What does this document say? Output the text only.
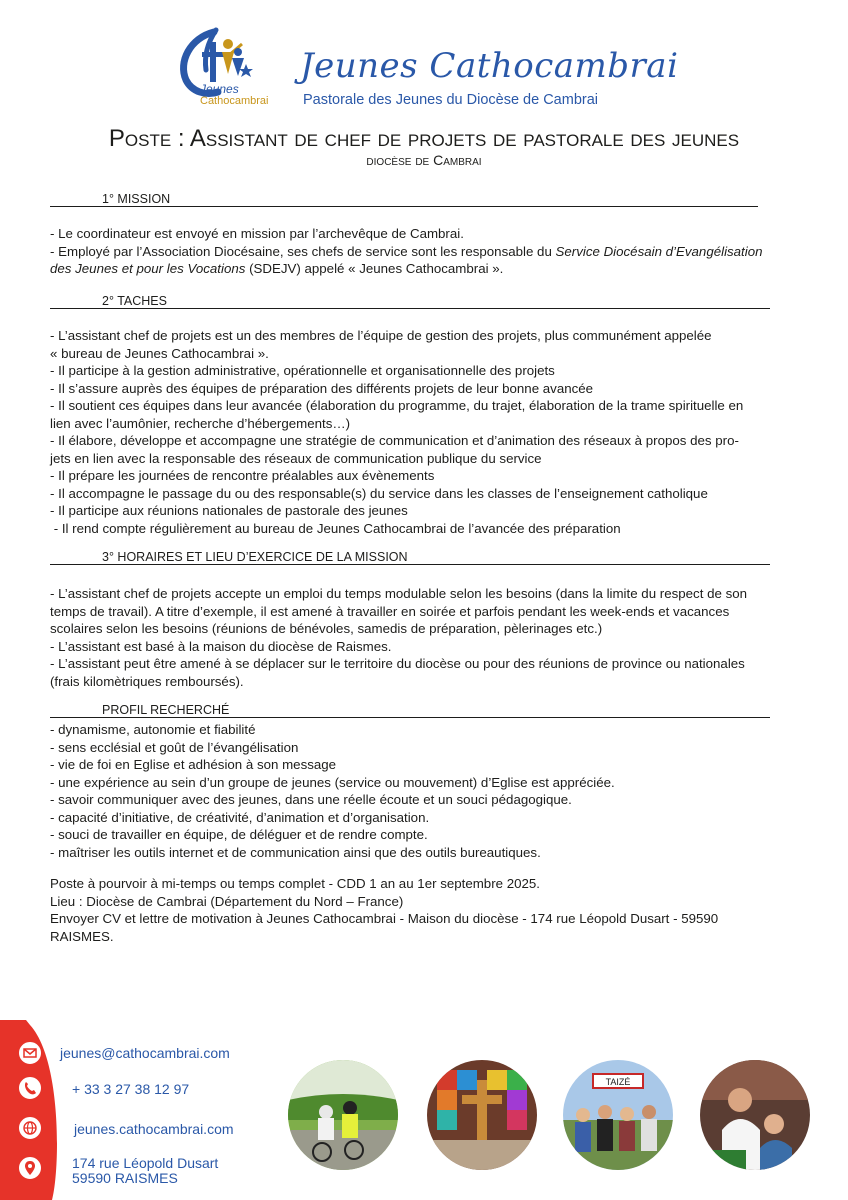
Jeunes
Cathocambrai
Jeunes Cathocambrai
Pastorale des Jeunes du Diocèse de Cambrai
Poste : Assistant de chef de projets de pastorale des jeunes
diocèse de Cambrai
1° MISSION
- Le coordinateur est envoyé en mission par l’archevêque de Cambrai.
- Employé par l’Association Diocésaine, ses chefs de service sont les responsable du Service Diocésain d’Evangélisation
des Jeunes et pour les Vocations (SDEJV) appelé « Jeunes Cathocambrai ».
2° TACHES
- L’assistant chef de projets est un des membres de l’équipe de gestion des projets, plus communément appelée
« bureau de Jeunes Cathocambrai ».
- Il participe à la gestion administrative, opérationnelle et organisationnelle des projets
- Il s’assure auprès des équipes de préparation des différents projets de leur bonne avancée
- Il soutient ces équipes dans leur avancée (élaboration du programme, du trajet, élaboration de la trame spirituelle en
lien avec l’aumônier, recherche d’hébergements…)
- Il élabore, développe et accompagne une stratégie de communication et d’animation des réseaux à propos des pro-
jets en lien avec la responsable des réseaux de communication publique du service
- Il prépare les journées de rencontre préalables aux évènements
- Il accompagne le passage du ou des responsable(s) du service dans les classes de l’enseignement catholique
- Il participe aux réunions nationales de pastorale des jeunes
- Il rend compte régulièrement au bureau de Jeunes Cathocambrai de l’avancée des préparation
3° HORAIRES ET LIEU D’EXERCICE DE LA MISSION
- L’assistant chef de projets accepte un emploi du temps modulable selon les besoins (dans la limite du respect de son
temps de travail). A titre d’exemple, il est amené à travailler en soirée et parfois pendant les week-ends et vacances
scolaires selon les besoins (réunions de bénévoles, samedis de préparation, pèlerinages etc.)
- L’assistant est basé à la maison du diocèse de Raismes.
- L’assistant peut être amené à se déplacer sur le territoire du diocèse ou pour des réunions de province ou nationales
(frais kilomètriques remboursés).
PROFIL RECHERCHÉ
- dynamisme, autonomie et fiabilité
- sens ecclésial et goût de l’évangélisation
- vie de foi en Eglise et adhésion à son message
- une expérience au sein d’un groupe de jeunes (service ou mouvement) d’Eglise est appréciée.
- savoir communiquer avec des jeunes, dans une réelle écoute et un souci pédagogique.
- capacité d’initiative, de créativité, d’animation et d’organisation.
- souci de travailler en équipe, de déléguer et de rendre compte.
- maîtriser les outils internet et de communication ainsi que des outils bureautiques.
Poste à pourvoir à mi-temps ou temps complet - CDD 1 an au 1er septembre 2025.
Lieu : Diocèse de Cambrai (Département du Nord – France)
Envoyer CV et lettre de motivation à Jeunes Cathocambrai - Maison du diocèse - 174 rue Léopold Dusart - 59590
RAISMES.
jeunes@cathocambrai.com
+ 33 3 27 38 12 97
jeunes.cathocambrai.com
174 rue Léopold Dusart
59590 RAISMES
TAIZÉ
